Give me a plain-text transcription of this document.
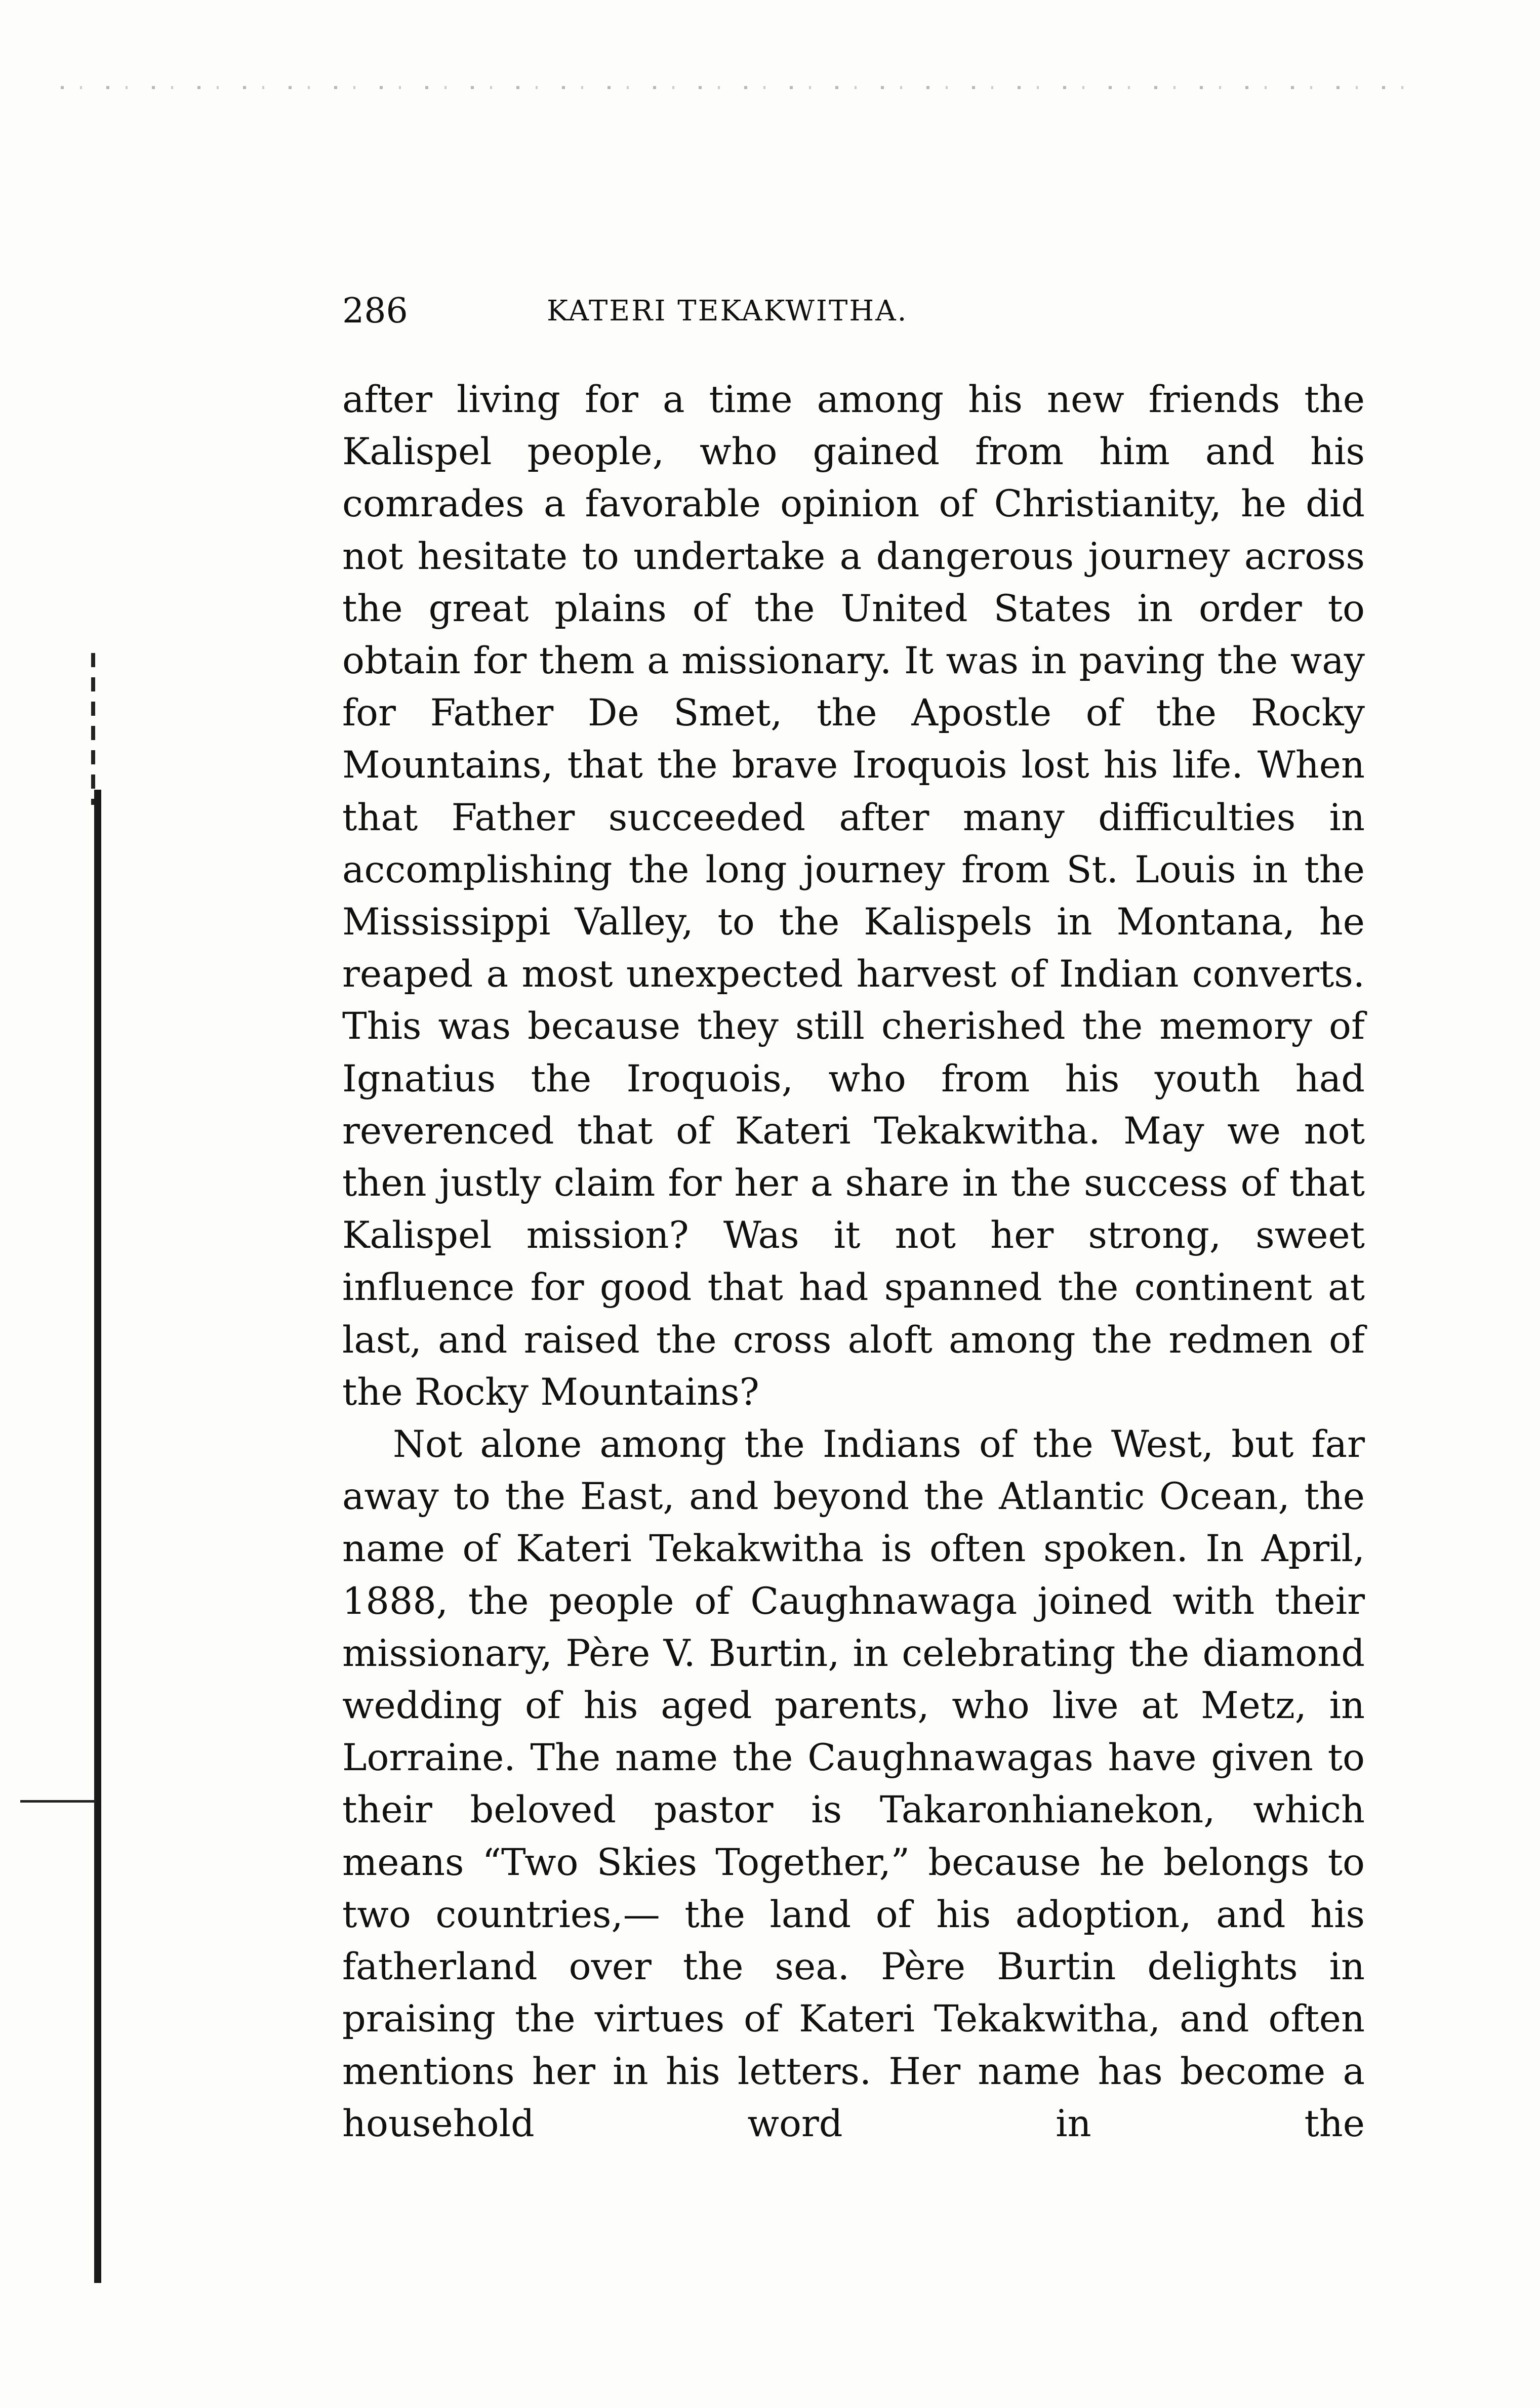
286	KATERI TEKAKWITHA.

after living for a time among his new friends the Kalispel people, who gained from him and his comrades a favorable opinion of Christianity, he did not hesitate to undertake a dangerous journey across the great plains of the United States in order to obtain for them a missionary. It was in paving the way for Father De Smet, the Apostle of the Rocky Mountains, that the brave Iroquois lost his life. When that Father succeeded after many difficulties in accomplishing the long journey from St. Louis in the Mississippi Valley, to the Kalispels in Montana, he reaped a most unexpected harvest of Indian converts. This was because they still cherished the memory of Ignatius the Iroquois, who from his youth had reverenced that of Kateri Tekakwitha. May we not then justly claim for her a share in the success of that Kalispel mission? Was it not her strong, sweet influence for good that had spanned the continent at last, and raised the cross aloft among the redmen of the Rocky Mountains?

Not alone among the Indians of the West, but far away to the East, and beyond the Atlantic Ocean, the name of Kateri Tekakwitha is often spoken. In April, 1888, the people of Caughnawaga joined with their missionary, Père V. Burtin, in celebrating the diamond wedding of his aged parents, who live at Metz, in Lorraine. The name the Caughnawagas have given to their beloved pastor is Takaronhianekon, which means “Two Skies Together,” because he belongs to two countries,— the land of his adoption, and his fatherland over the sea. Père Burtin delights in praising the virtues of Kateri Tekakwitha, and often mentions her in his letters. Her name has become a household word in the
